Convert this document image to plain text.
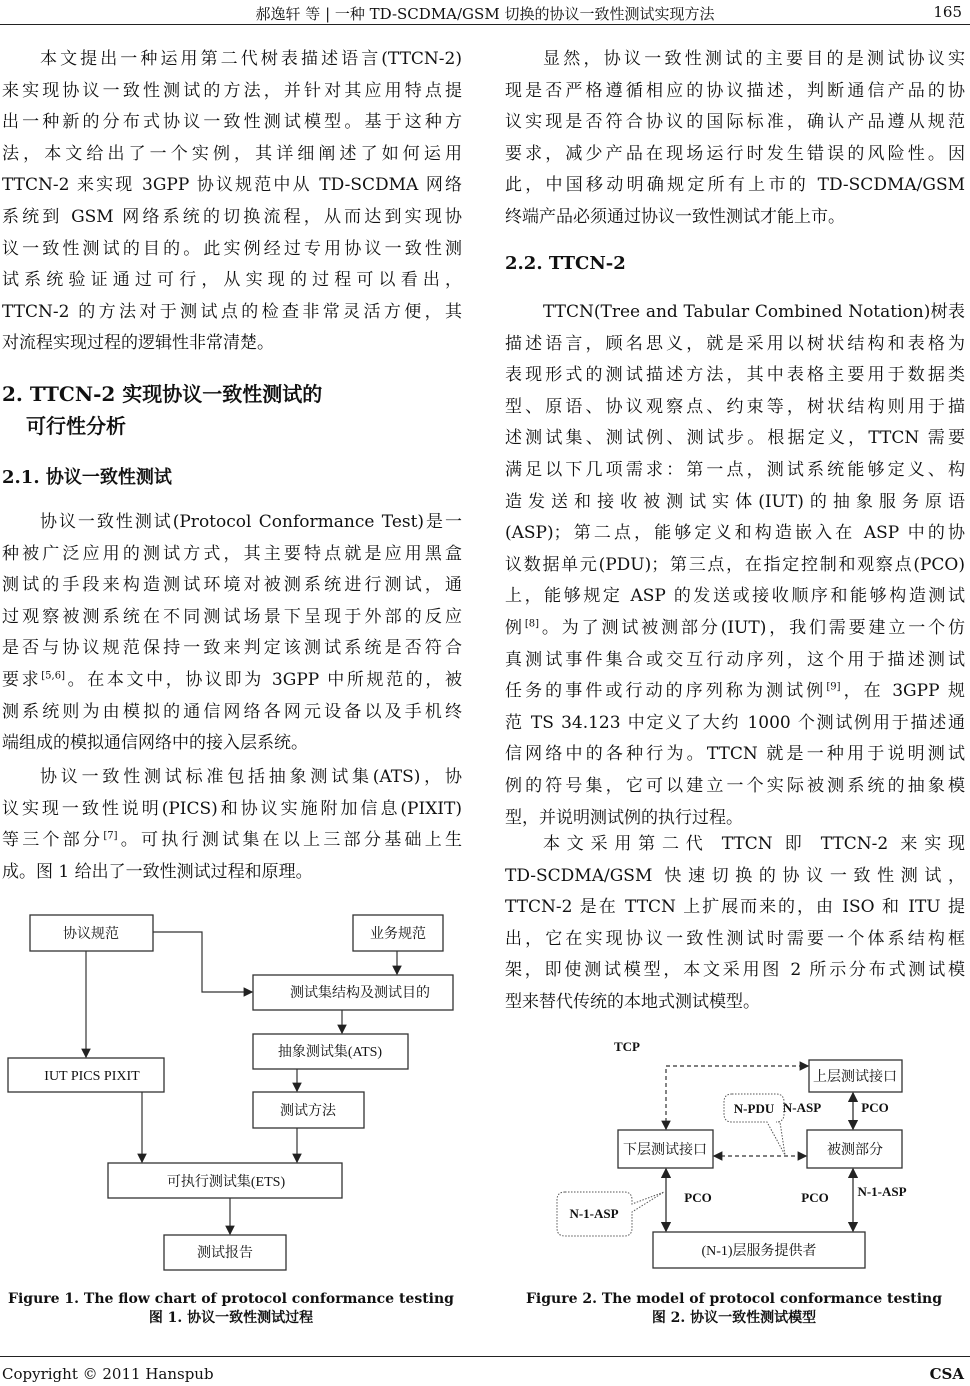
郝逸轩 等 | 一种 TD-SCDMA/GSM 切换的协议一致性测试实现方法	165
本文提出一种运用第二代树表描述语言(TTCN-2)
来实现协议一致性测试的方法，并针对其应用特点提
出一种新的分布式协议一致性测试模型。基于这种方
法，本文给出了一个实例，其详细阐述了如何运用
TTCN-2 来实现 3GPP 协议规范中从 TD-SCDMA 网络
系统到 GSM 网络系统的切换流程，从而达到实现协
议一致性测试的目的。此实例经过专用协议一致性测
试系统验证通过可行，从实现的过程可以看出，
TTCN-2 的方法对于测试点的检查非常灵活方便，其
对流程实现过程的逻辑性非常清楚。
2. TTCN-2 实现协议一致性测试的
可行性分析
2.1. 协议一致性测试
协议一致性测试(Protocol Conformance Test)是一
种被广泛应用的测试方式，其主要特点就是应用黑盒
测试的手段来构造测试环境对被测系统进行测试，通
过观察被测系统在不同测试场景下呈现于外部的反应
是否与协议规范保持一致来判定该测试系统是否符合
要求[5,6]。在本文中，协议即为 3GPP 中所规范的，被
测系统则为由模拟的通信网络各网元设备以及手机终
端组成的模拟通信网络中的接入层系统。
协议一致性测试标准包括抽象测试集(ATS)，协
议实现一致性说明(PICS)和协议实施附加信息(PIXIT)
等三个部分[7]。可执行测试集在以上三部分基础上生
成。图 1 给出了一致性测试过程和原理。
协议规范	业务规范
测试集结构及测试目的
抽象测试集(ATS)
测试方法
IUT PICS PIXIT
可执行测试集(ETS)
测试报告
Figure 1. The flow chart of protocol conformance testing
图 1. 协议一致性测试过程
显然，协议一致性测试的主要目的是测试协议实
现是否严格遵循相应的协议描述，判断通信产品的协
议实现是否符合协议的国际标准，确认产品遵从规范
要求，减少产品在现场运行时发生错误的风险性。因
此，中国移动明确规定所有上市的 TD-SCDMA/GSM
终端产品必须通过协议一致性测试才能上市。
2.2. TTCN-2
TTCN(Tree and Tabular Combined Notation)树表
描述语言，顾名思义，就是采用以树状结构和表格为
表现形式的测试描述方法，其中表格主要用于数据类
型、原语、协议观察点、约束等，树状结构则用于描
述测试集、测试例、测试步。根据定义，TTCN 需要
满足以下几项需求：第一点，测试系统能够定义、构
造发送和接收被测试实体(IUT)的抽象服务原语
(ASP)；第二点，能够定义和构造嵌入在 ASP 中的协
议数据单元(PDU)；第三点，在指定控制和观察点(PCO)
上，能够规定 ASP 的发送或接收顺序和能够构造测试
例[8]。为了测试被测部分(IUT)，我们需要建立一个仿
真测试事件集合或交互行动序列，这个用于描述测试
任务的事件或行动的序列称为测试例[9]，在 3GPP 规
范 TS 34.123 中定义了大约 1000 个测试例用于描述通
信网络中的各种行为。TTCN 就是一种用于说明测试
例的符号集，它可以建立一个实际被测系统的抽象模
型，并说明测试例的执行过程。
本文采用第二代 TTCN 即 TTCN-2 来实现
TD-SCDMA/GSM 快速切换的协议一致性测试，
TTCN-2 是在 TTCN 上扩展而来的，由 ISO 和 ITU 提
出，它在实现协议一致性测试时需要一个体系结构框
架，即使测试模型，本文采用图 2 所示分布式测试模
型来替代传统的本地式测试模型。
TCP
N-PDU N-ASP	PCO
PCO	PCO N-1-ASP
N-1-ASP
上层测试接口
下层测试接口	被测部分
(N-1)层服务提供者
Figure 2. The model of protocol conformance testing
图 2. 协议一致性测试模型
Copyright © 2011 Hanspub	CSA
